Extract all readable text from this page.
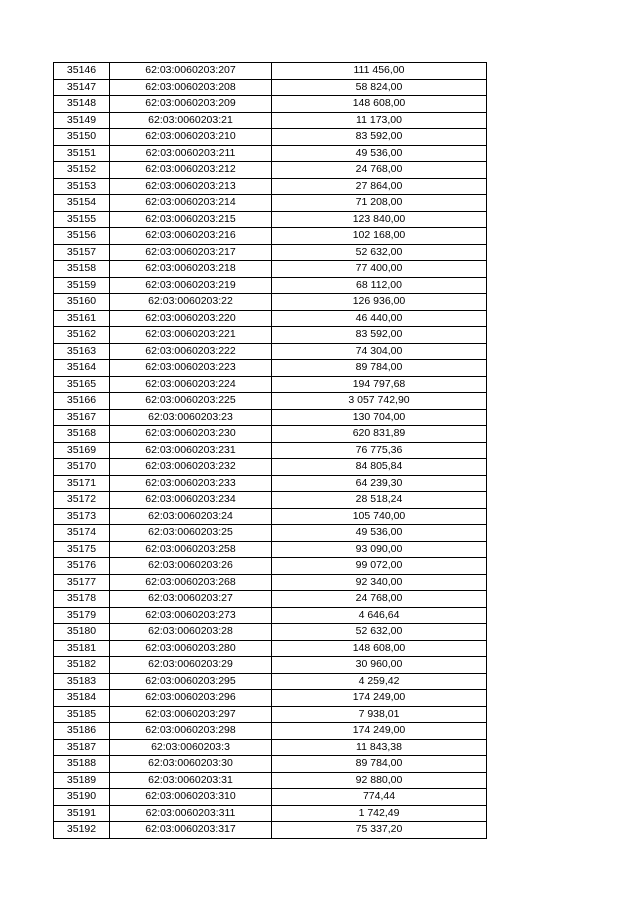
35146	62:03:0060203:207	111 456,00
35147	62:03:0060203:208	58 824,00
35148	62:03:0060203:209	148 608,00
35149	62:03:0060203:21	11 173,00
35150	62:03:0060203:210	83 592,00
35151	62:03:0060203:211	49 536,00
35152	62:03:0060203:212	24 768,00
35153	62:03:0060203:213	27 864,00
35154	62:03:0060203:214	71 208,00
35155	62:03:0060203:215	123 840,00
35156	62:03:0060203:216	102 168,00
35157	62:03:0060203:217	52 632,00
35158	62:03:0060203:218	77 400,00
35159	62:03:0060203:219	68 112,00
35160	62:03:0060203:22	126 936,00
35161	62:03:0060203:220	46 440,00
35162	62:03:0060203:221	83 592,00
35163	62:03:0060203:222	74 304,00
35164	62:03:0060203:223	89 784,00
35165	62:03:0060203:224	194 797,68
35166	62:03:0060203:225	3 057 742,90
35167	62:03:0060203:23	130 704,00
35168	62:03:0060203:230	620 831,89
35169	62:03:0060203:231	76 775,36
35170	62:03:0060203:232	84 805,84
35171	62:03:0060203:233	64 239,30
35172	62:03:0060203:234	28 518,24
35173	62:03:0060203:24	105 740,00
35174	62:03:0060203:25	49 536,00
35175	62:03:0060203:258	93 090,00
35176	62:03:0060203:26	99 072,00
35177	62:03:0060203:268	92 340,00
35178	62:03:0060203:27	24 768,00
35179	62:03:0060203:273	4 646,64
35180	62:03:0060203:28	52 632,00
35181	62:03:0060203:280	148 608,00
35182	62:03:0060203:29	30 960,00
35183	62:03:0060203:295	4 259,42
35184	62:03:0060203:296	174 249,00
35185	62:03:0060203:297	7 938,01
35186	62:03:0060203:298	174 249,00
35187	62:03:0060203:3	11 843,38
35188	62:03:0060203:30	89 784,00
35189	62:03:0060203:31	92 880,00
35190	62:03:0060203:310	774,44
35191	62:03:0060203:311	1 742,49
35192	62:03:0060203:317	75 337,20
